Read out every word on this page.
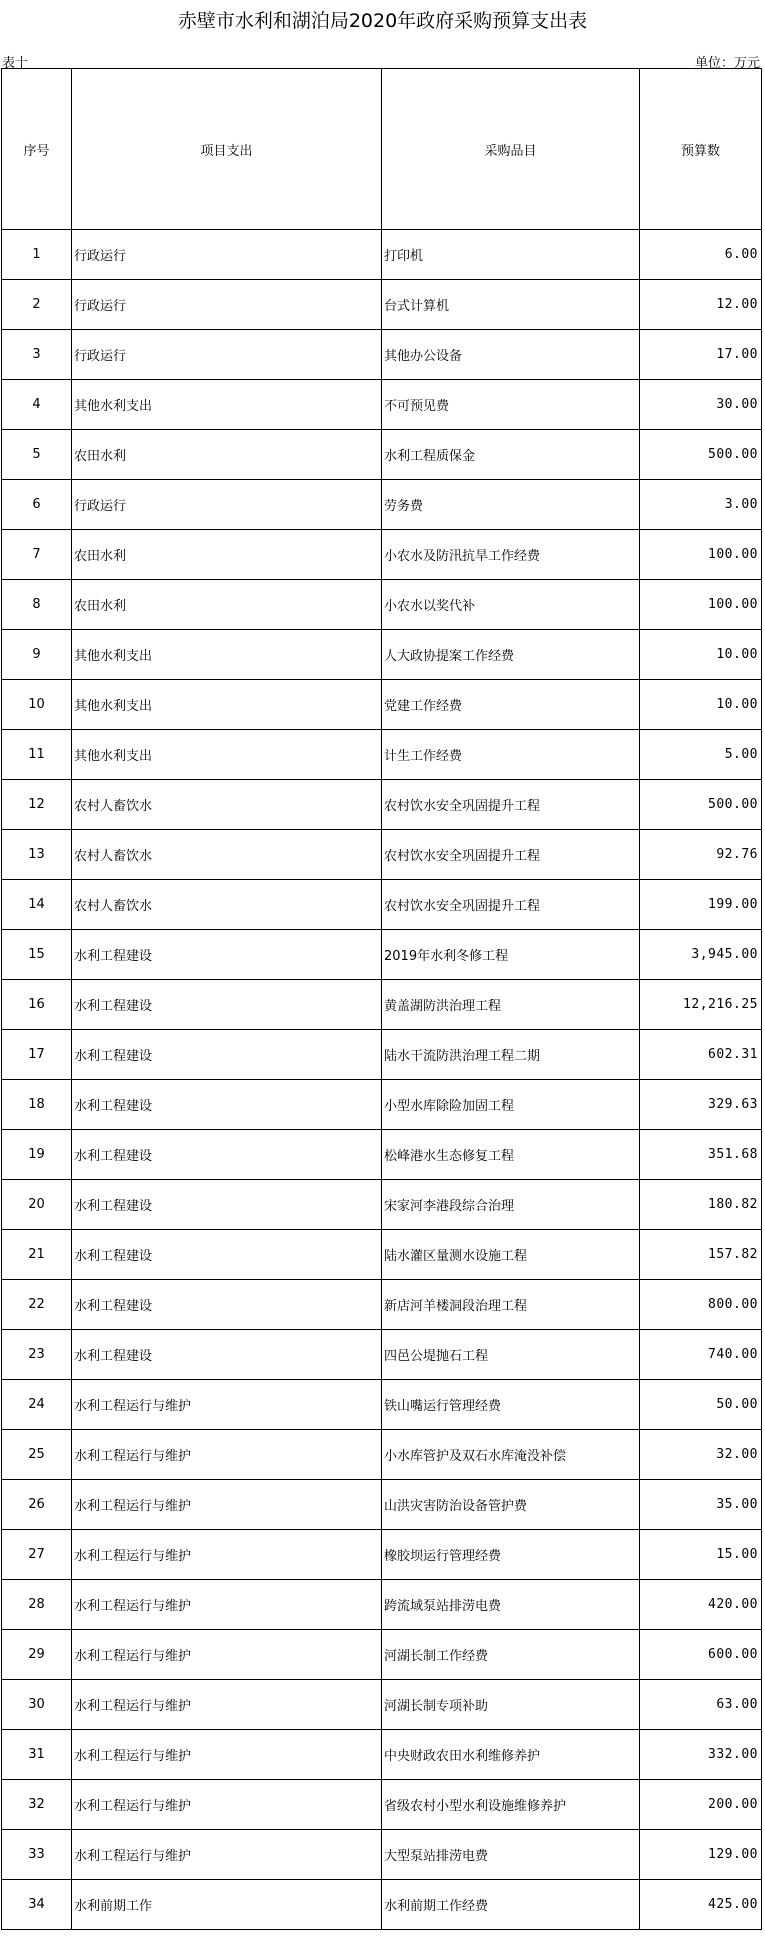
赤壁市水利和湖泊局2020年政府采购预算支出表
表十	单位：万元
序号	项目支出	采购品目	预算数
1	行政运行	打印机	6.00
2	行政运行	台式计算机	12.00
3	行政运行	其他办公设备	17.00
4	其他水利支出	不可预见费	30.00
5	农田水利	水利工程质保金	500.00
6	行政运行	劳务费	3.00
7	农田水利	小农水及防汛抗旱工作经费	100.00
8	农田水利	小农水以奖代补	100.00
9	其他水利支出	人大政协提案工作经费	10.00
10	其他水利支出	党建工作经费	10.00
11	其他水利支出	计生工作经费	5.00
12	农村人畜饮水	农村饮水安全巩固提升工程	500.00
13	农村人畜饮水	农村饮水安全巩固提升工程	92.76
14	农村人畜饮水	农村饮水安全巩固提升工程	199.00
15	水利工程建设	2019年水利冬修工程	3,945.00
16	水利工程建设	黄盖湖防洪治理工程	12,216.25
17	水利工程建设	陆水干流防洪治理工程二期	602.31
18	水利工程建设	小型水库除险加固工程	329.63
19	水利工程建设	松峰港水生态修复工程	351.68
20	水利工程建设	宋家河李港段综合治理	180.82
21	水利工程建设	陆水灌区量测水设施工程	157.82
22	水利工程建设	新店河羊楼洞段治理工程	800.00
23	水利工程建设	四邑公堤抛石工程	740.00
24	水利工程运行与维护	铁山嘴运行管理经费	50.00
25	水利工程运行与维护	小水库管护及双石水库淹没补偿	32.00
26	水利工程运行与维护	山洪灾害防治设备管护费	35.00
27	水利工程运行与维护	橡胶坝运行管理经费	15.00
28	水利工程运行与维护	跨流域泵站排涝电费	420.00
29	水利工程运行与维护	河湖长制工作经费	600.00
30	水利工程运行与维护	河湖长制专项补助	63.00
31	水利工程运行与维护	中央财政农田水利维修养护	332.00
32	水利工程运行与维护	省级农村小型水利设施维修养护	200.00
33	水利工程运行与维护	大型泵站排涝电费	129.00
34	水利前期工作	水利前期工作经费	425.00
